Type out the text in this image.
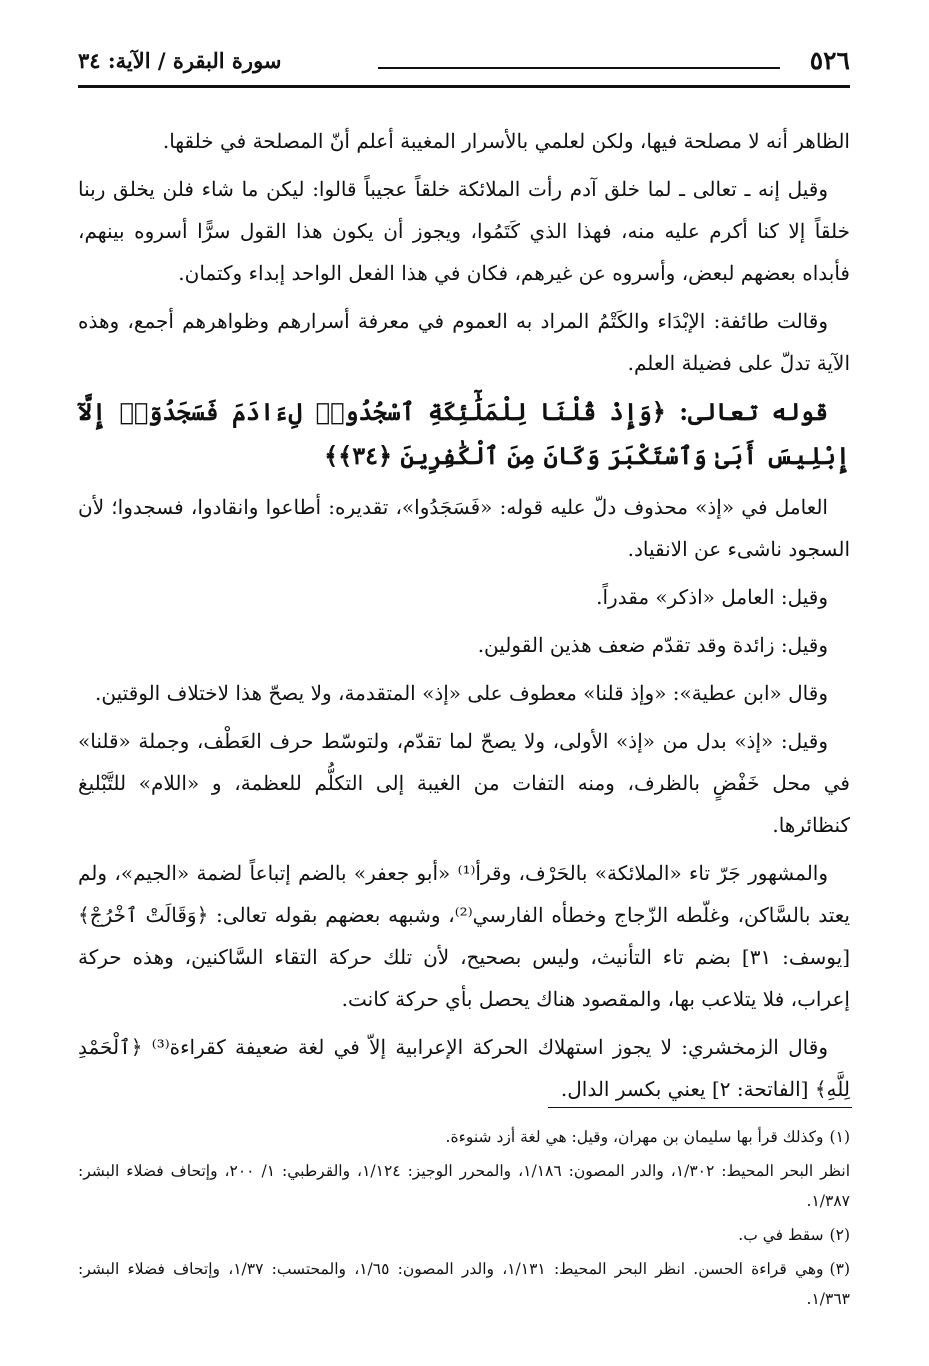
٥٢٦
سورة البقرة / الآية: ٣٤

الظاهر أنه لا مصلحة فيها، ولكن لعلمي بالأسرار المغيبة أعلم أنّ المصلحة في خلقها.

وقيل إنه ـ تعالى ـ لما خلق آدم رأت الملائكة خلقاً عجيباً قالوا: ليكن ما شاء فلن يخلق ربنا خلقاً إلا كنا أكرم عليه منه، فهذا الذي كَتَمُوا، ويجوز أن يكون هذا القول سرًّا أسروه بينهم، فأبداه بعضهم لبعض، وأسروه عن غيرهم، فكان في هذا الفعل الواحد إبداء وكتمان.

وقالت طائفة: الإبْدَاء والكَتْمُ المراد به العموم في معرفة أسرارهم وظواهرهم أجمع، وهذه الآية تدلّ على فضيلة العلم.

قوله تعالى: ﴿وَإِذْ قُلْنَا لِلْمَلَٰٓئِكَةِ ٱسْجُدُوا۟ لِءَادَمَ فَسَجَدُوٓا۟ إِلَّآ إِبْلِيسَ أَبَىٰ وَٱسْتَكْبَرَ وَكَانَ مِنَ ٱلْكَٰفِرِينَ ﴿٣٤﴾﴾

العامل في «إذ» محذوف دلّ عليه قوله: «فَسَجَدُوا»، تقديره: أطاعوا وانقادوا، فسجدوا؛ لأن السجود ناشىء عن الانقياد.

وقيل: العامل «اذكر» مقدراً.

وقيل: زائدة وقد تقدّم ضعف هذين القولين.

وقال «ابن عطية»: «وإذ قلنا» معطوف على «إذ» المتقدمة، ولا يصحّ هذا لاختلاف الوقتين.

وقيل: «إذ» بدل من «إذ» الأولى، ولا يصحّ لما تقدّم، ولتوسّط حرف العَطْف، وجملة «قلنا» في محل خَفْضٍ بالظرف، ومنه التفات من الغيبة إلى التكلُّم للعظمة، و «اللام» للتَّبْليغ كنظائرها.

والمشهور جَرّ تاء «الملائكة» بالحَرْف، وقرأ⁽¹⁾ «أبو جعفر» بالضم إتباعاً لضمة «الجيم»، ولم يعتد بالسَّاكن، وغلّطه الزّجاج وخطأه الفارسي⁽²⁾، وشبهه بعضهم بقوله تعالى: ﴿وَقَالَتْ ٱخْرُجْ﴾ [يوسف: ٣١] بضم تاء التأنيث، وليس بصحيح، لأن تلك حركة التقاء السَّاكنين، وهذه حركة إعراب، فلا يتلاعب بها، والمقصود هناك يحصل بأي حركة كانت.

وقال الزمخشري: لا يجوز استهلاك الحركة الإعرابية إلاّ في لغة ضعيفة كقراءة⁽³⁾ ﴿ٱلْحَمْدِ لِلَّهِ﴾ [الفاتحة: ٢] يعني بكسر الدال.

(١)وكذلك قرأ بها سليمان بن مهران، وقيل: هي لغة أزد شنوءة.

انظر البحر المحيط: ١/٣٠٢، والدر المصون: ١/١٨٦، والمحرر الوجيز: ١/١٢٤، والقرطبي: ١/ ٢٠٠، وإتحاف فضلاء البشر: ١/٣٨٧.

(٢)سقط في ب.

(٣)وهي قراءة الحسن. انظر البحر المحيط: ١/١٣١، والدر المصون: ١/٦٥، والمحتسب: ١/٣٧، وإتحاف فضلاء البشر: ١/٣٦٣.
